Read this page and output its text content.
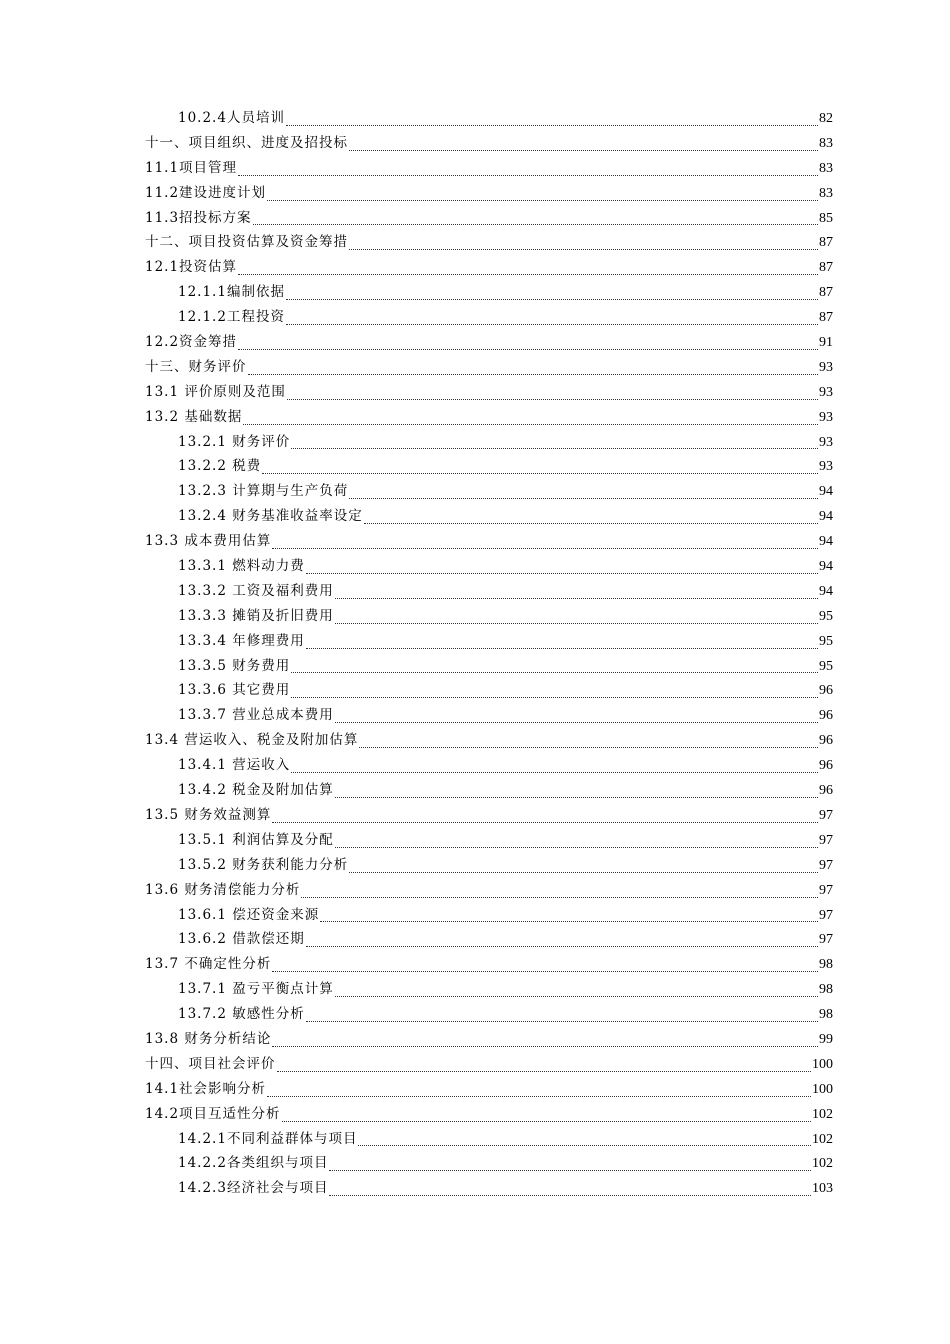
10.2.4人员培训	82
十一、项目组织、进度及招投标	83
11.1项目管理	83
11.2建设进度计划	83
11.3招投标方案	85
十二、项目投资估算及资金筹措	87
12.1投资估算	87
12.1.1编制依据	87
12.1.2工程投资	87
12.2资金筹措	91
十三、财务评价	93
13.1 评价原则及范围	93
13.2 基础数据	93
13.2.1 财务评价	93
13.2.2 税费	93
13.2.3 计算期与生产负荷	94
13.2.4 财务基准收益率设定	94
13.3 成本费用估算	94
13.3.1 燃料动力费	94
13.3.2 工资及福利费用	94
13.3.3 摊销及折旧费用	95
13.3.4 年修理费用	95
13.3.5 财务费用	95
13.3.6 其它费用	96
13.3.7 营业总成本费用	96
13.4 营运收入、税金及附加估算	96
13.4.1 营运收入	96
13.4.2 税金及附加估算	96
13.5 财务效益测算	97
13.5.1 利润估算及分配	97
13.5.2 财务获利能力分析	97
13.6 财务清偿能力分析	97
13.6.1 偿还资金来源	97
13.6.2 借款偿还期	97
13.7 不确定性分析	98
13.7.1 盈亏平衡点计算	98
13.7.2 敏感性分析	98
13.8 财务分析结论	99
十四、项目社会评价	100
14.1社会影响分析	100
14.2项目互适性分析	102
14.2.1不同利益群体与项目	102
14.2.2各类组织与项目	102
14.2.3经济社会与项目	103
